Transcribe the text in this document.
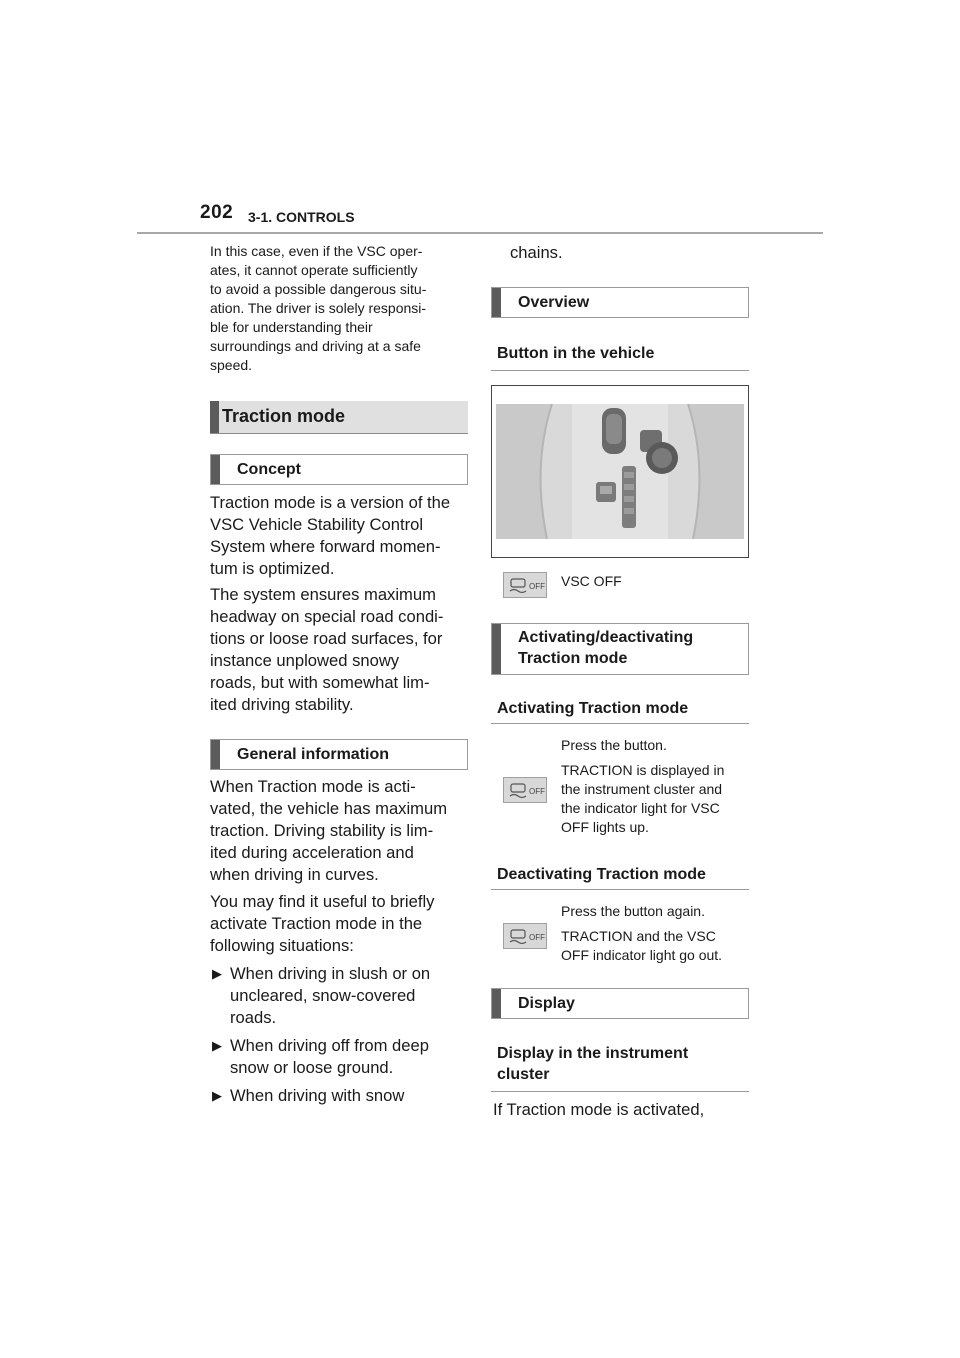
202 3-1. CONTROLS
In this case, even if the VSC oper-
ates, it cannot operate sufficiently
to avoid a possible dangerous situ-
ation. The driver is solely responsi-
ble for understanding their
surroundings and driving at a safe
speed.
Traction mode
Concept
Traction mode is a version of the
VSC Vehicle Stability Control
System where forward momen-
tum is optimized.
The system ensures maximum
headway on special road condi-
tions or loose road surfaces, for
instance unplowed snowy
roads, but with somewhat lim-
ited driving stability.
General information
When Traction mode is acti-
vated, the vehicle has maximum
traction. Driving stability is lim-
ited during acceleration and
when driving in curves.
You may find it useful to briefly
activate Traction mode in the
following situations:
▶ When driving in slush or on
uncleared, snow-covered
roads.
▶ When driving off from deep
snow or loose ground.
▶ When driving with snow
chains.
Overview
Button in the vehicle
OFF VSC OFF
Activating/deactivating
Traction mode
Activating Traction mode
Press the button.
OFF
TRACTION is displayed in
the instrument cluster and
the indicator light for VSC
OFF lights up.
Deactivating Traction mode
Press the button again.
OFF TRACTION and the VSC
OFF indicator light go out.
Display
Display in the instrument
cluster
If Traction mode is activated,
